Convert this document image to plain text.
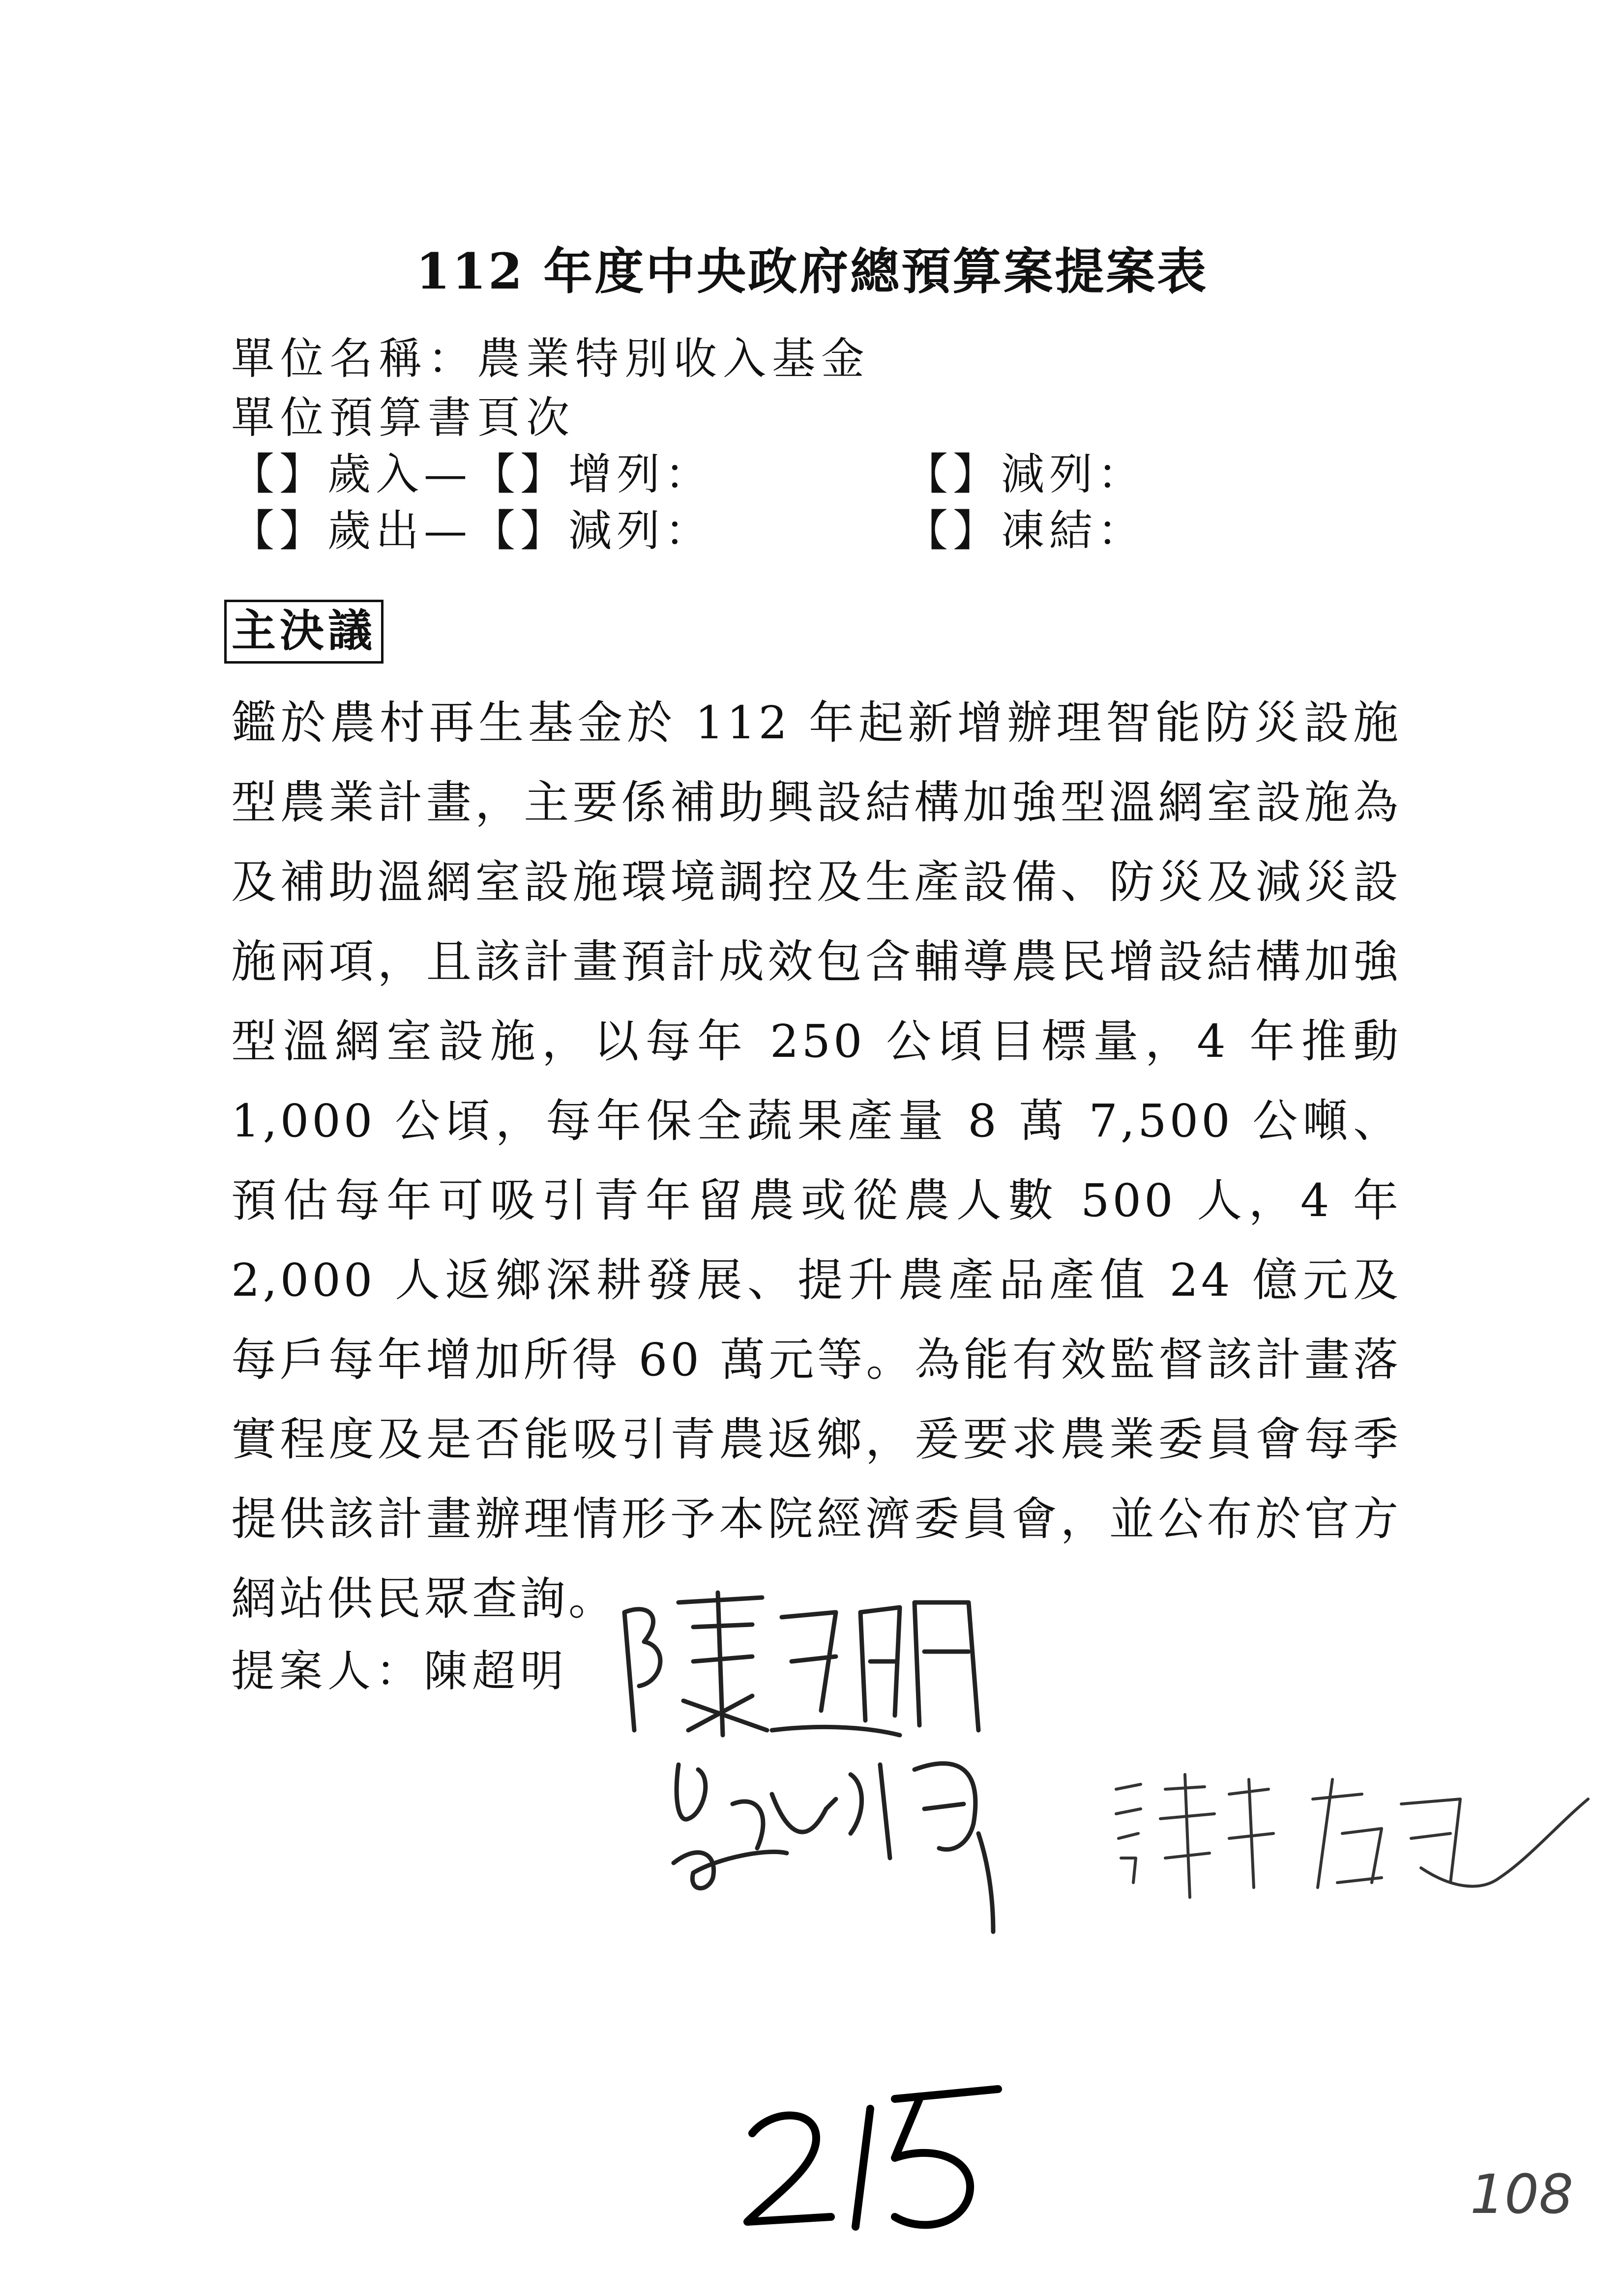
112 年度中央政府總預算案提案表
單位名稱：農業特別收入基金
單位預算書頁次
【】歲入—【】增列：	【】減列：
【】歲出—【】減列：	【】凍結：
主決議
鑑於農村再生基金於 112 年起新增辦理智能防災設施型農業計畫，主要係補助興設結構加強型溫網室設施為及補助溫網室設施環境調控及生產設備、防災及減災設施兩項，且該計畫預計成效包含輔導農民增設結構加強型溫網室設施，以每年 250 公頃目標量，4 年推動 1,000 公頃，每年保全蔬果產量 8 萬 7,500 公噸、預估每年可吸引青年留農或從農人數 500 人，4 年 2,000 人返鄉深耕發展、提升農產品產值 24 億元及每戶每年增加所得 60 萬元等。為能有效監督該計畫落實程度及是否能吸引青農返鄉，爰要求農業委員會每季提供該計畫辦理情形予本院經濟委員會，並公布於官方網站供民眾查詢。
提案人：陳超明
108
